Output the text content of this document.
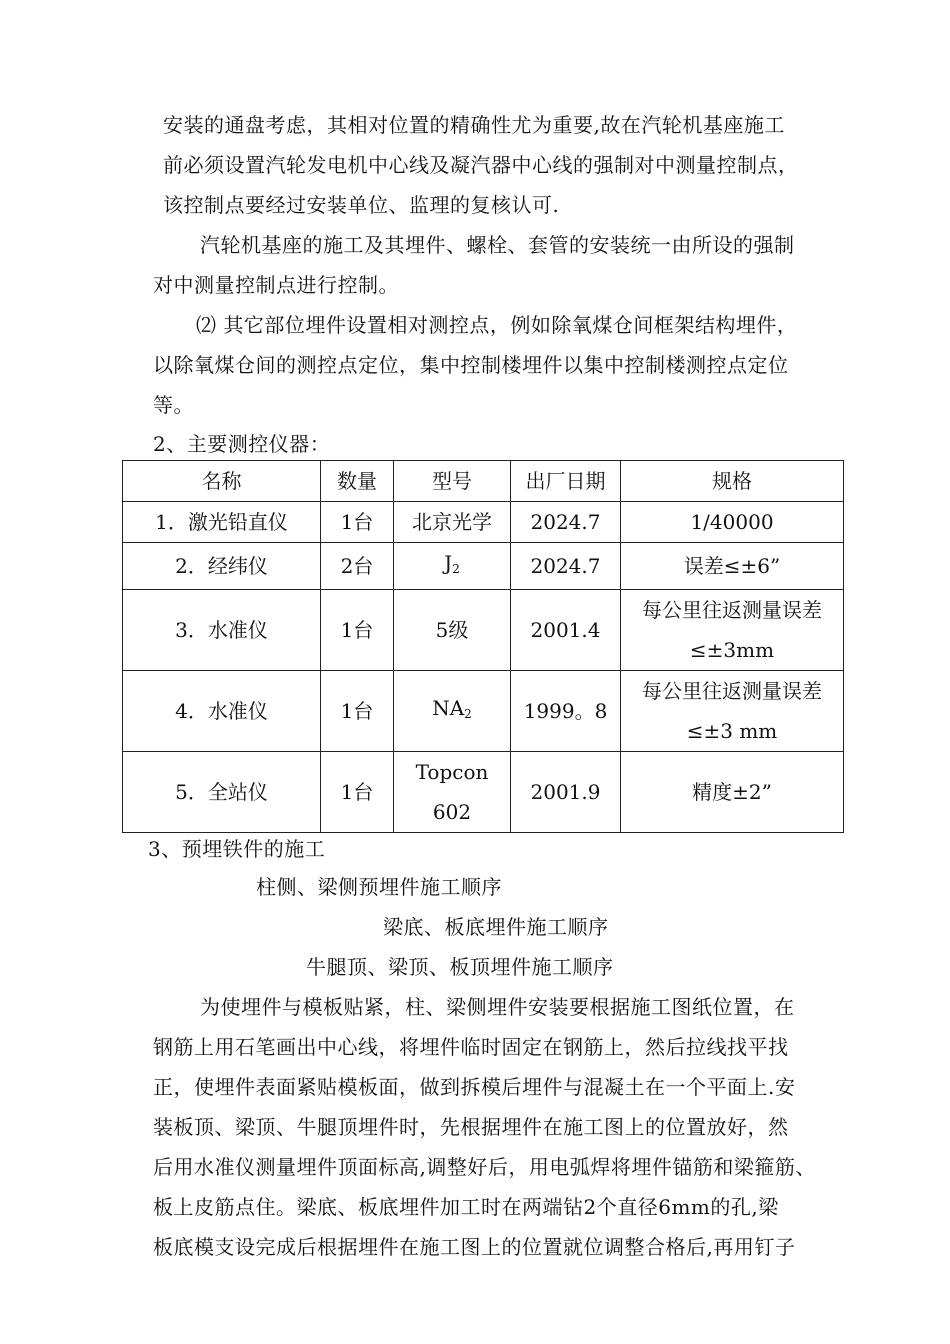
安装的通盘考虑，其相对位置的精确性尤为重要,故在汽轮机基座施工
前必须设置汽轮发电机中心线及凝汽器中心线的强制对中测量控制点，
该控制点要经过安装单位、监理的复核认可.
汽轮机基座的施工及其埋件、螺栓、套管的安装统一由所设的强制
对中测量控制点进行控制。
⑵ 其它部位埋件设置相对测控点，例如除氧煤仓间框架结构埋件，
以除氧煤仓间的测控点定位，集中控制楼埋件以集中控制楼测控点定位
等。
2、主要测控仪器：
名称	数量	型号	出厂日期	规格
1．激光铅直仪	1台	北京光学	2024.7	1/40000
2．经纬仪	2台	$J_2$	2024.7	误差≤±6”
3．水准仪	1台	5级	2001.4	每公里往返测量误差
≤±3mm

4．水准仪	1台	$NA_2$	1999。8	每公里往返测量误差
≤±3 mm

5．全站仪	1台	Topcon
602	2001.9	精度±2”
3、预埋铁件的施工
柱侧、梁侧预埋件施工顺序
梁底、板底埋件施工顺序
牛腿顶、梁顶、板顶埋件施工顺序
为使埋件与模板贴紧，柱、梁侧埋件安装要根据施工图纸位置，在
钢筋上用石笔画出中心线，将埋件临时固定在钢筋上，然后拉线找平找
正，使埋件表面紧贴模板面，做到拆模后埋件与混凝土在一个平面上.安
装板顶、梁顶、牛腿顶埋件时，先根据埋件在施工图上的位置放好，然
后用水准仪测量埋件顶面标高,调整好后，用电弧焊将埋件锚筋和梁箍筋、
板上皮筋点住。梁底、板底埋件加工时在两端钻2个直径6mm的孔,梁
板底模支设完成后根据埋件在施工图上的位置就位调整合格后,再用钉子
